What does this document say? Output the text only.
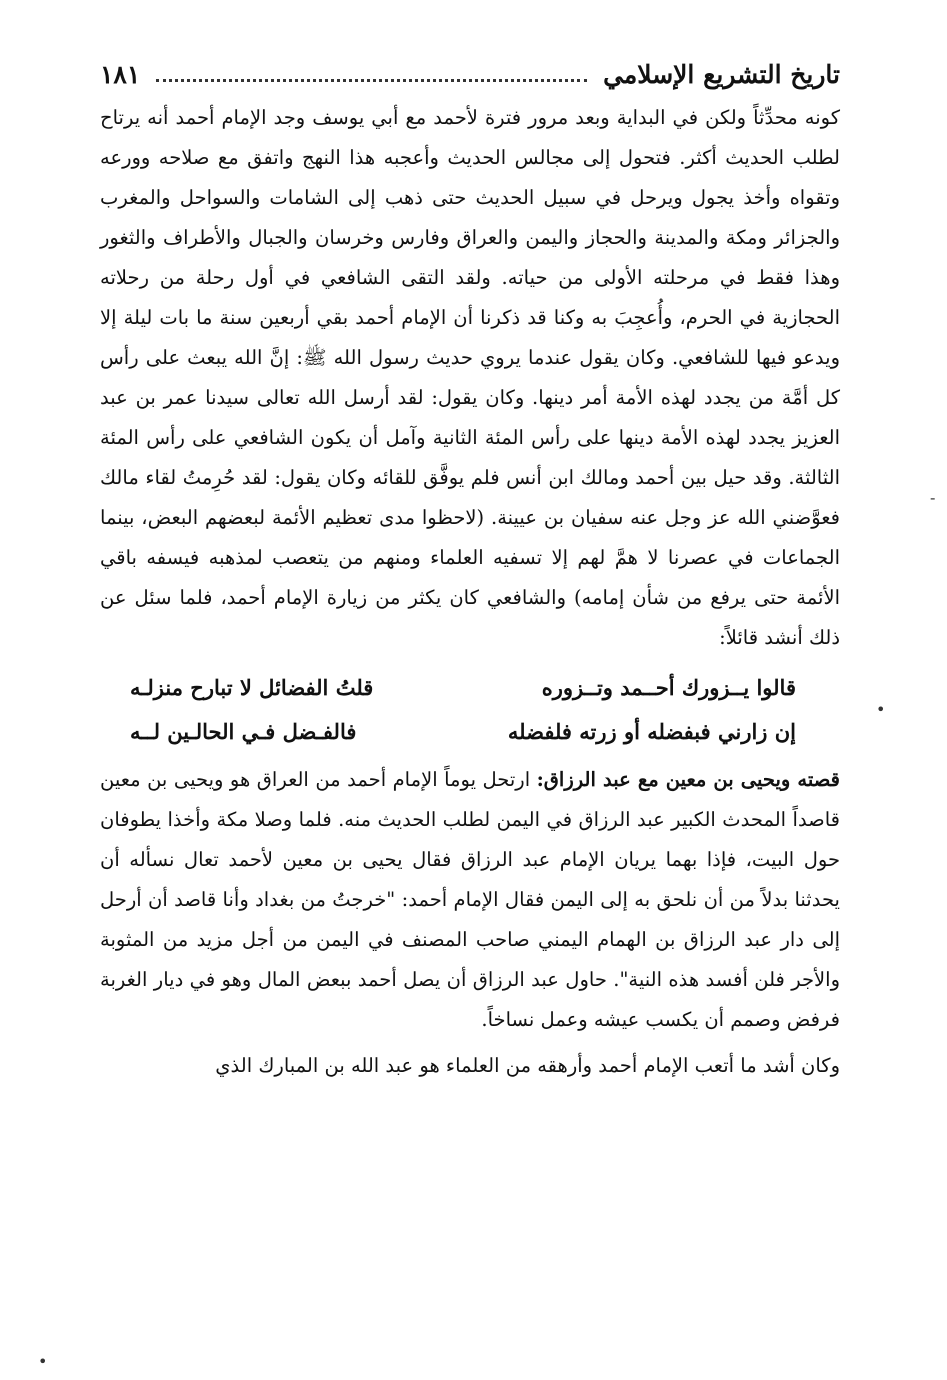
تاريخ التشريع الإسلامي
١٨١

كونه محدِّثاً ولكن في البداية وبعد مرور فترة لأحمد مع أبي يوسف وجد الإمام أحمد أنه يرتاح لطلب الحديث أكثر. فتحول إلى مجالس الحديث وأعجبه هذا النهج واتفق مع صلاحه وورعه وتقواه وأخذ يجول ويرحل في سبيل الحديث حتى ذهب إلى الشامات والسواحل والمغرب والجزائر ومكة والمدينة والحجاز واليمن والعراق وفارس وخرسان والجبال والأطراف والثغور وهذا فقط في مرحلته الأولى من حياته. ولقد التقى الشافعي في أول رحلة من رحلاته الحجازية في الحرم، وأُعجِبَ به وكنا قد ذكرنا أن الإمام أحمد بقي أربعين سنة ما بات ليلة إلا ويدعو فيها للشافعي. وكان يقول عندما يروي حديث رسول الله ﷺ: إنَّ الله يبعث على رأس كل أمَّة من يجدد لهذه الأمة أمر دينها. وكان يقول: لقد أرسل الله تعالى سيدنا عمر بن عبد العزيز يجدد لهذه الأمة دينها على رأس المئة الثانية وآمل أن يكون الشافعي على رأس المئة الثالثة. وقد حيل بين أحمد ومالك ابن أنس فلم يوفَّق للقائه وكان يقول: لقد حُرِمتُ لقاء مالك فعوَّضني الله عز وجل عنه سفيان بن عيينة. (لاحظوا مدى تعظيم الأئمة لبعضهم البعض، بينما الجماعات في عصرنا لا همَّ لهم إلا تسفيه العلماء ومنهم من يتعصب لمذهبه فيسفه باقي الأئمة حتى يرفع من شأن إمامه) والشافعي كان يكثر من زيارة الإمام أحمد، فلما سئل عن ذلك أنشد قائلاً:

قالوا يــزورك أحــمد وتــزوره
قلتُ الفضائل لا تبارح منزلـه
إن زارني فبفضله أو زرته فلفضله
فالفـضل فـي الحالـين لــه

قصته ويحيى بن معين مع عبد الرزاق: ارتحل يوماً الإمام أحمد من العراق هو ويحيى بن معين قاصداً المحدث الكبير عبد الرزاق في اليمن لطلب الحديث منه. فلما وصلا مكة وأخذا يطوفان حول البيت، فإذا بهما يريان الإمام عبد الرزاق فقال يحيى بن معين لأحمد تعال نسأله أن يحدثنا بدلاً من أن نلحق به إلى اليمن فقال الإمام أحمد: "خرجتُ من بغداد وأنا قاصد أن أرحل إلى دار عبد الرزاق بن الهمام اليمني صاحب المصنف في اليمن من أجل مزيد من المثوبة والأجر فلن أفسد هذه النية". حاول عبد الرزاق أن يصل أحمد ببعض المال وهو في ديار الغربة فرفض وصمم أن يكسب عيشه وعمل نساخاً.

وكان أشد ما أتعب الإمام أحمد وأرهقه من العلماء هو عبد الله بن المبارك الذي

-
•
•
